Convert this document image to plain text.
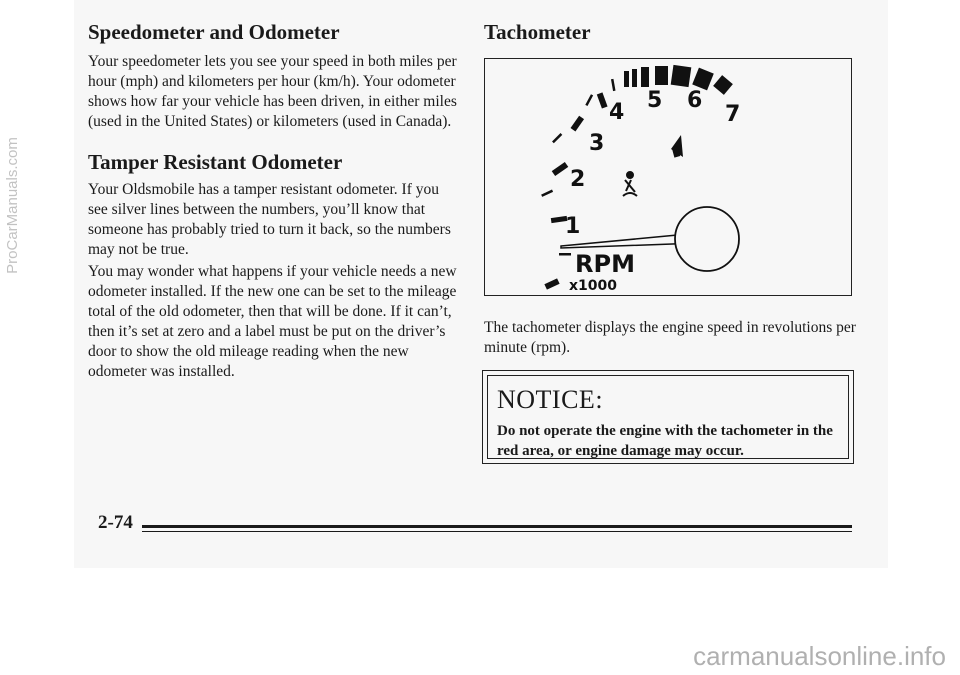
Speedometer and Odometer

Your speedometer lets you see your speed in both miles per hour (mph) and kilometers per hour (km/h). Your odometer shows how far your vehicle has been driven, in either miles (used in the United States) or kilometers (used in Canada).

Tamper Resistant Odometer

Your Oldsmobile has a tamper resistant odometer. If you see silver lines between the numbers, you’ll know that someone has probably tried to turn it back, so the numbers may not be true.

You may wonder what happens if your vehicle needs a new odometer installed. If the new one can be set to the mileage total of the old odometer, then that will be done. If it can’t, then it’s set at zero and a label must be put on the driver’s door to show the old mileage reading when the new odometer was installed.

Tachometer
1
2
3
4 5 6
7
RPM
x1000

The tachometer displays the engine speed in revolutions per minute (rpm).

NOTICE:
Do not operate the engine with the tachometer in the red area, or engine damage may occur.
2-74
ProCarManuals.com
carmanualsonline.info
